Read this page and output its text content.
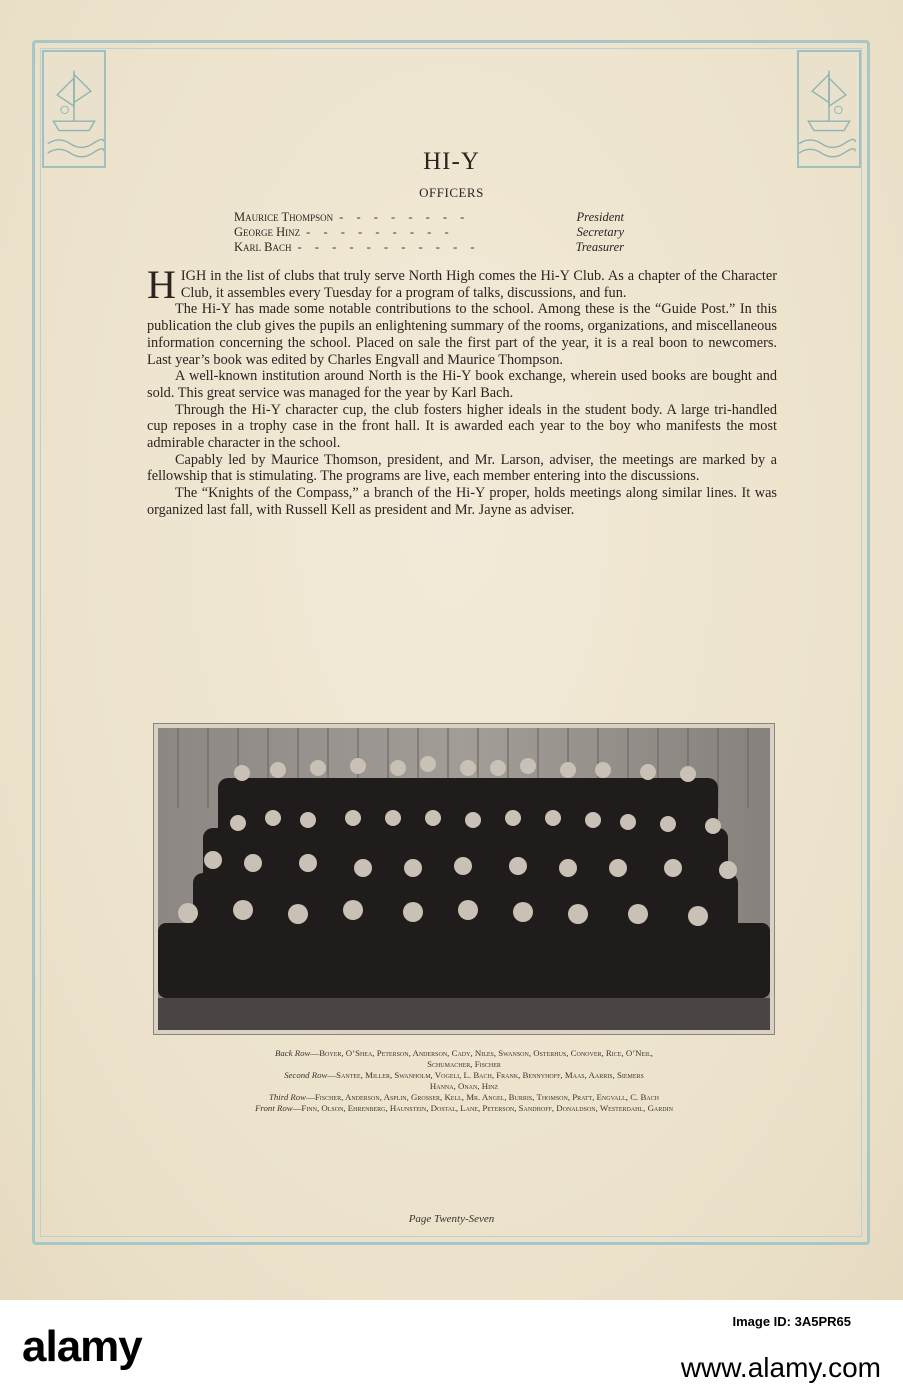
HI-Y
OFFICERS
Maurice Thompson - - - - - - - -	President
George Hinz - - - - - - - - -	Secretary
Karl Bach - - - - - - - - - - -	Treasurer

HIGH in the list of clubs that truly serve North High comes the Hi-Y Club. As a chapter of the Character Club, it assembles every Tuesday for a program of talks, discussions, and fun.

The Hi-Y has made some notable contributions to the school. Among these is the “Guide Post.” In this publication the club gives the pupils an enlightening summary of the rooms, organizations, and miscellaneous information concerning the school. Placed on sale the first part of the year, it is a real boon to newcomers. Last year’s book was edited by Charles Engvall and Maurice Thompson.

A well-known institution around North is the Hi-Y book exchange, wherein used books are bought and sold. This great service was managed for the year by Karl Bach.

Through the Hi-Y character cup, the club fosters higher ideals in the student body. A large tri-handled cup reposes in a trophy case in the front hall. It is awarded each year to the boy who manifests the most admirable character in the school.

Capably led by Maurice Thomson, president, and Mr. Larson, adviser, the meetings are marked by a fellowship that is stimulating. The programs are live, each member entering into the discussions.

The “Knights of the Compass,” a branch of the Hi-Y proper, holds meetings along similar lines. It was organized last fall, with Russell Kell as president and Mr. Jayne as adviser.

Back Row—Boyer, O’Shea, Peterson, Anderson, Cady, Niles, Swanson, Osterhus, Conover, Rice, O’Neil,
Schumacher, Fischer
Second Row—Santee, Miller, Swanholm, Vogeli, L. Bach, Frank, Bennyhoff, Maas, Aarris, Siemers
Hanna, Onan, Hinz
Third Row—Fischer, Anderson, Asplin, Grosser, Kell, Mr. Angel, Burris, Thomson, Pratt, Engvall, C. Bach
Front Row—Finn, Olson, Ehrenberg, Haunstein, Dostal, Lane, Peterson, Sandhoff, Donaldson, Westerdahl, Gardin
Page Twenty-Seven
alamy
Image ID: 3A5PR65
www.alamy.com
